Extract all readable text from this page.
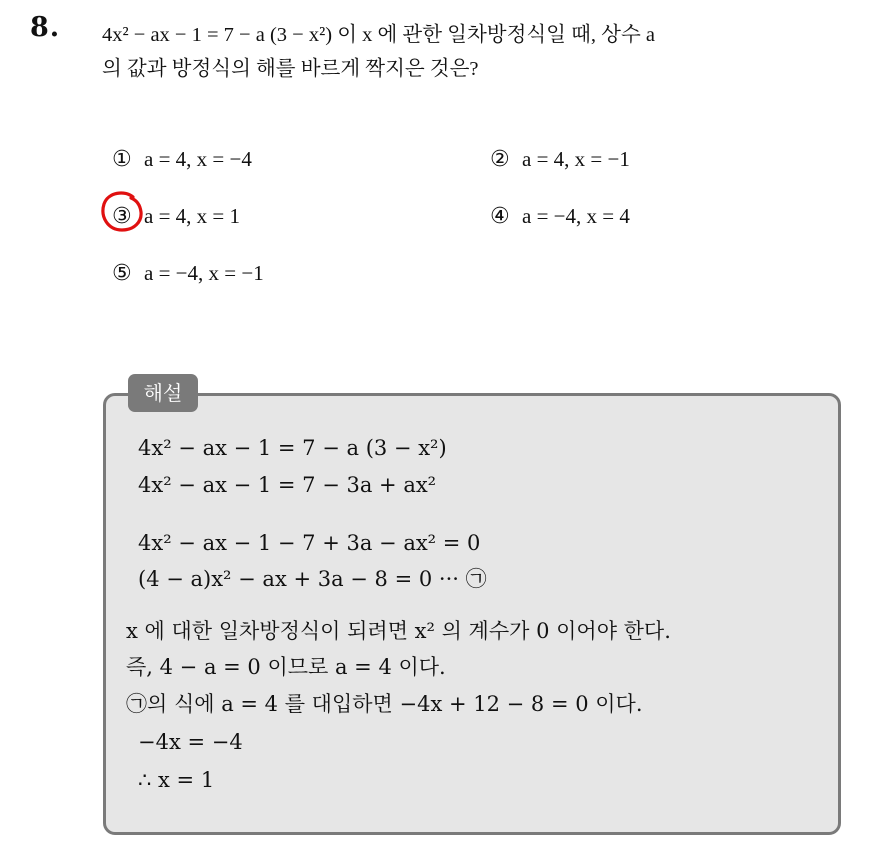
8. 4x² − ax − 1 = 7 − a (3 − x²) 이 x 에 관한 일차방정식일 때, 상수 a
의 값과 방정식의 해를 바르게 짝지은 것은?
① a = 4, x = −4	② a = 4, x = −1
③ a = 4, x = 1	④ a = −4, x = 4
⑤ a = −4, x = −1
해설
4x² − ax − 1 = 7 − a (3 − x²)
4x² − ax − 1 = 7 − 3a + ax²
4x² − ax − 1 − 7 + 3a − ax² = 0
(4 − a)x² − ax + 3a − 8 = 0 ··· ㉠
x 에 대한 일차방정식이 되려면 x² 의 계수가 0 이어야 한다.
즉, 4 − a = 0 이므로 a = 4 이다.
㉠의 식에 a = 4 를 대입하면 −4x + 12 − 8 = 0 이다.
−4x = −4
∴ x = 1
